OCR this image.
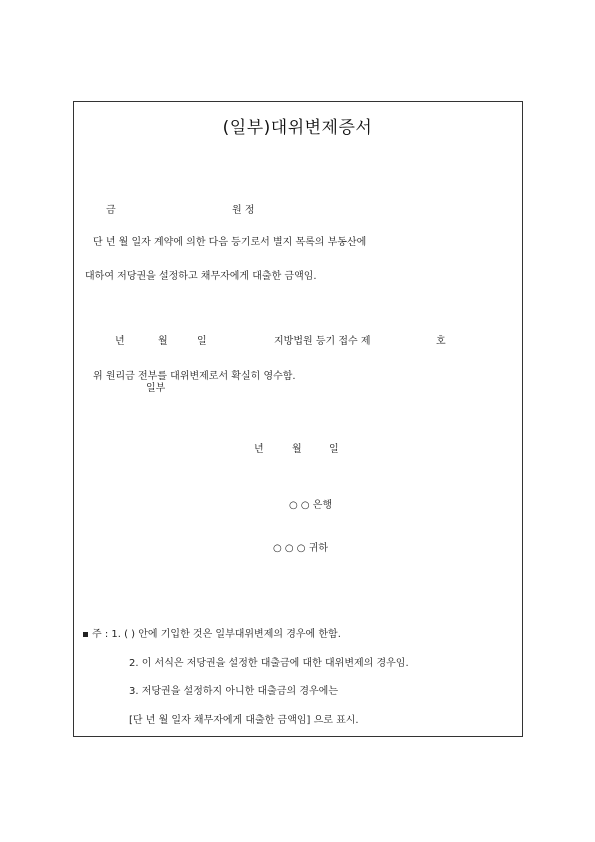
(일부)대위변제증서
금	원 정
단 년 월 일자 계약에 의한 다음 등기로서 별지 목록의 부동산에
대하여 저당권을 설정하고 채무자에게 대출한 금액임.
년	월	일	지방법원 등기 접수 제	호
위 원리금 전부를 대위변제로서 확실히 영수함.
일부
년	월	일
○ ○ 은행
○ ○ ○ 귀하
주 : 1. ( ) 안에 기입한 것은 일부대위변제의 경우에 한함.
2. 이 서식은 저당권을 설정한 대출금에 대한 대위변제의 경우임.
3. 저당권을 설정하지 아니한 대출금의 경우에는
[단 년 월 일자 채무자에게 대출한 금액임] 으로 표시.
